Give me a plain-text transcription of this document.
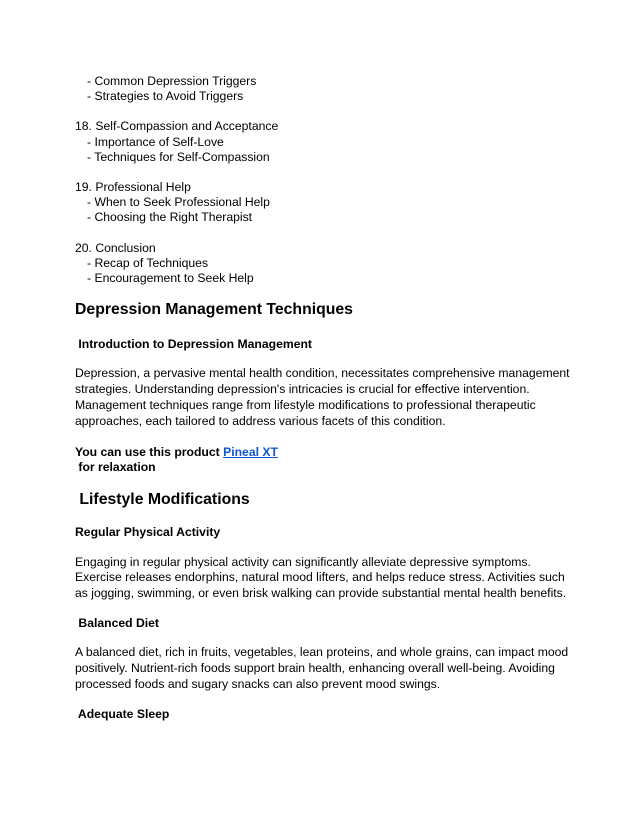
- Common Depression Triggers

- Strategies to Avoid Triggers

18. Self-Compassion and Acceptance

- Importance of Self-Love

- Techniques for Self-Compassion

19. Professional Help

- When to Seek Professional Help

- Choosing the Right Therapist

20. Conclusion

- Recap of Techniques

- Encouragement to Seek Help

Depression Management Techniques
Introduction to Depression Management

Depression, a pervasive mental health condition, necessitates comprehensive management strategies. Understanding depression's intricacies is crucial for effective intervention. Management techniques range from lifestyle modifications to professional therapeutic approaches, each tailored to address various facets of this condition.

You can use this product Pineal XT
for relaxation
Lifestyle Modifications
Regular Physical Activity

Engaging in regular physical activity can significantly alleviate depressive symptoms. Exercise releases endorphins, natural mood lifters, and helps reduce stress. Activities such as jogging, swimming, or even brisk walking can provide substantial mental health benefits.

Balanced Diet

A balanced diet, rich in fruits, vegetables, lean proteins, and whole grains, can impact mood positively. Nutrient-rich foods support brain health, enhancing overall well-being. Avoiding processed foods and sugary snacks can also prevent mood swings.

Adequate Sleep
